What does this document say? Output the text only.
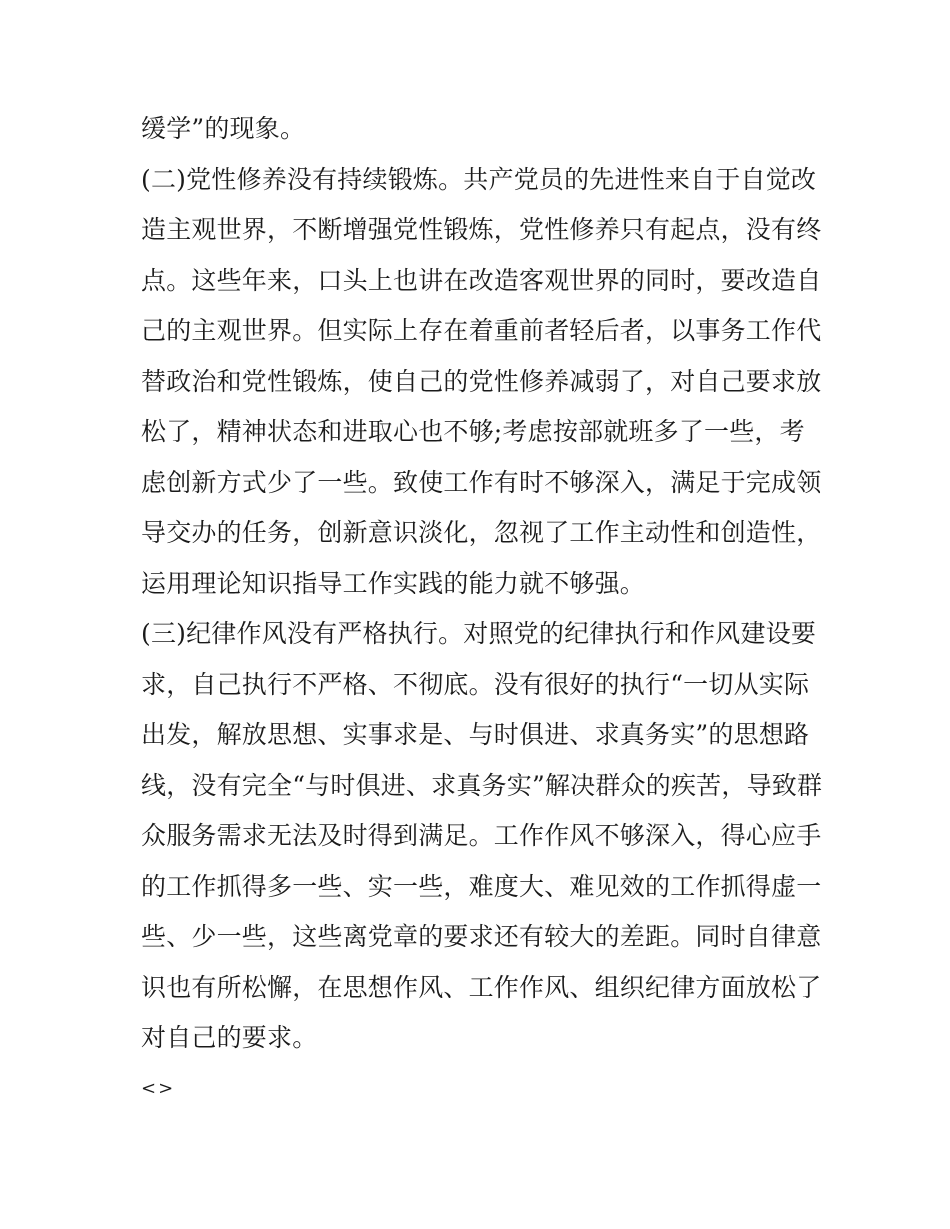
缓学”的现象。
(二)党性修养没有持续锻炼。共产党员的先进性来自于自觉改
造主观世界，不断增强党性锻炼，党性修养只有起点，没有终
点。这些年来，口头上也讲在改造客观世界的同时，要改造自
己的主观世界。但实际上存在着重前者轻后者，以事务工作代
替政治和党性锻炼，使自己的党性修养减弱了，对自己要求放
松了，精神状态和进取心也不够;考虑按部就班多了一些，考
虑创新方式少了一些。致使工作有时不够深入，满足于完成领
导交办的任务，创新意识淡化，忽视了工作主动性和创造性，
运用理论知识指导工作实践的能力就不够强。
(三)纪律作风没有严格执行。对照党的纪律执行和作风建设要
求，自己执行不严格、不彻底。没有很好的执行“一切从实际
出发，解放思想、实事求是、与时俱进、求真务实”的思想路
线，没有完全“与时俱进、求真务实”解决群众的疾苦，导致群
众服务需求无法及时得到满足。工作作风不够深入，得心应手
的工作抓得多一些、实一些，难度大、难见效的工作抓得虚一
些、少一些，这些离党章的要求还有较大的差距。同时自律意
识也有所松懈，在思想作风、工作作风、组织纪律方面放松了
对自己的要求。
<>
